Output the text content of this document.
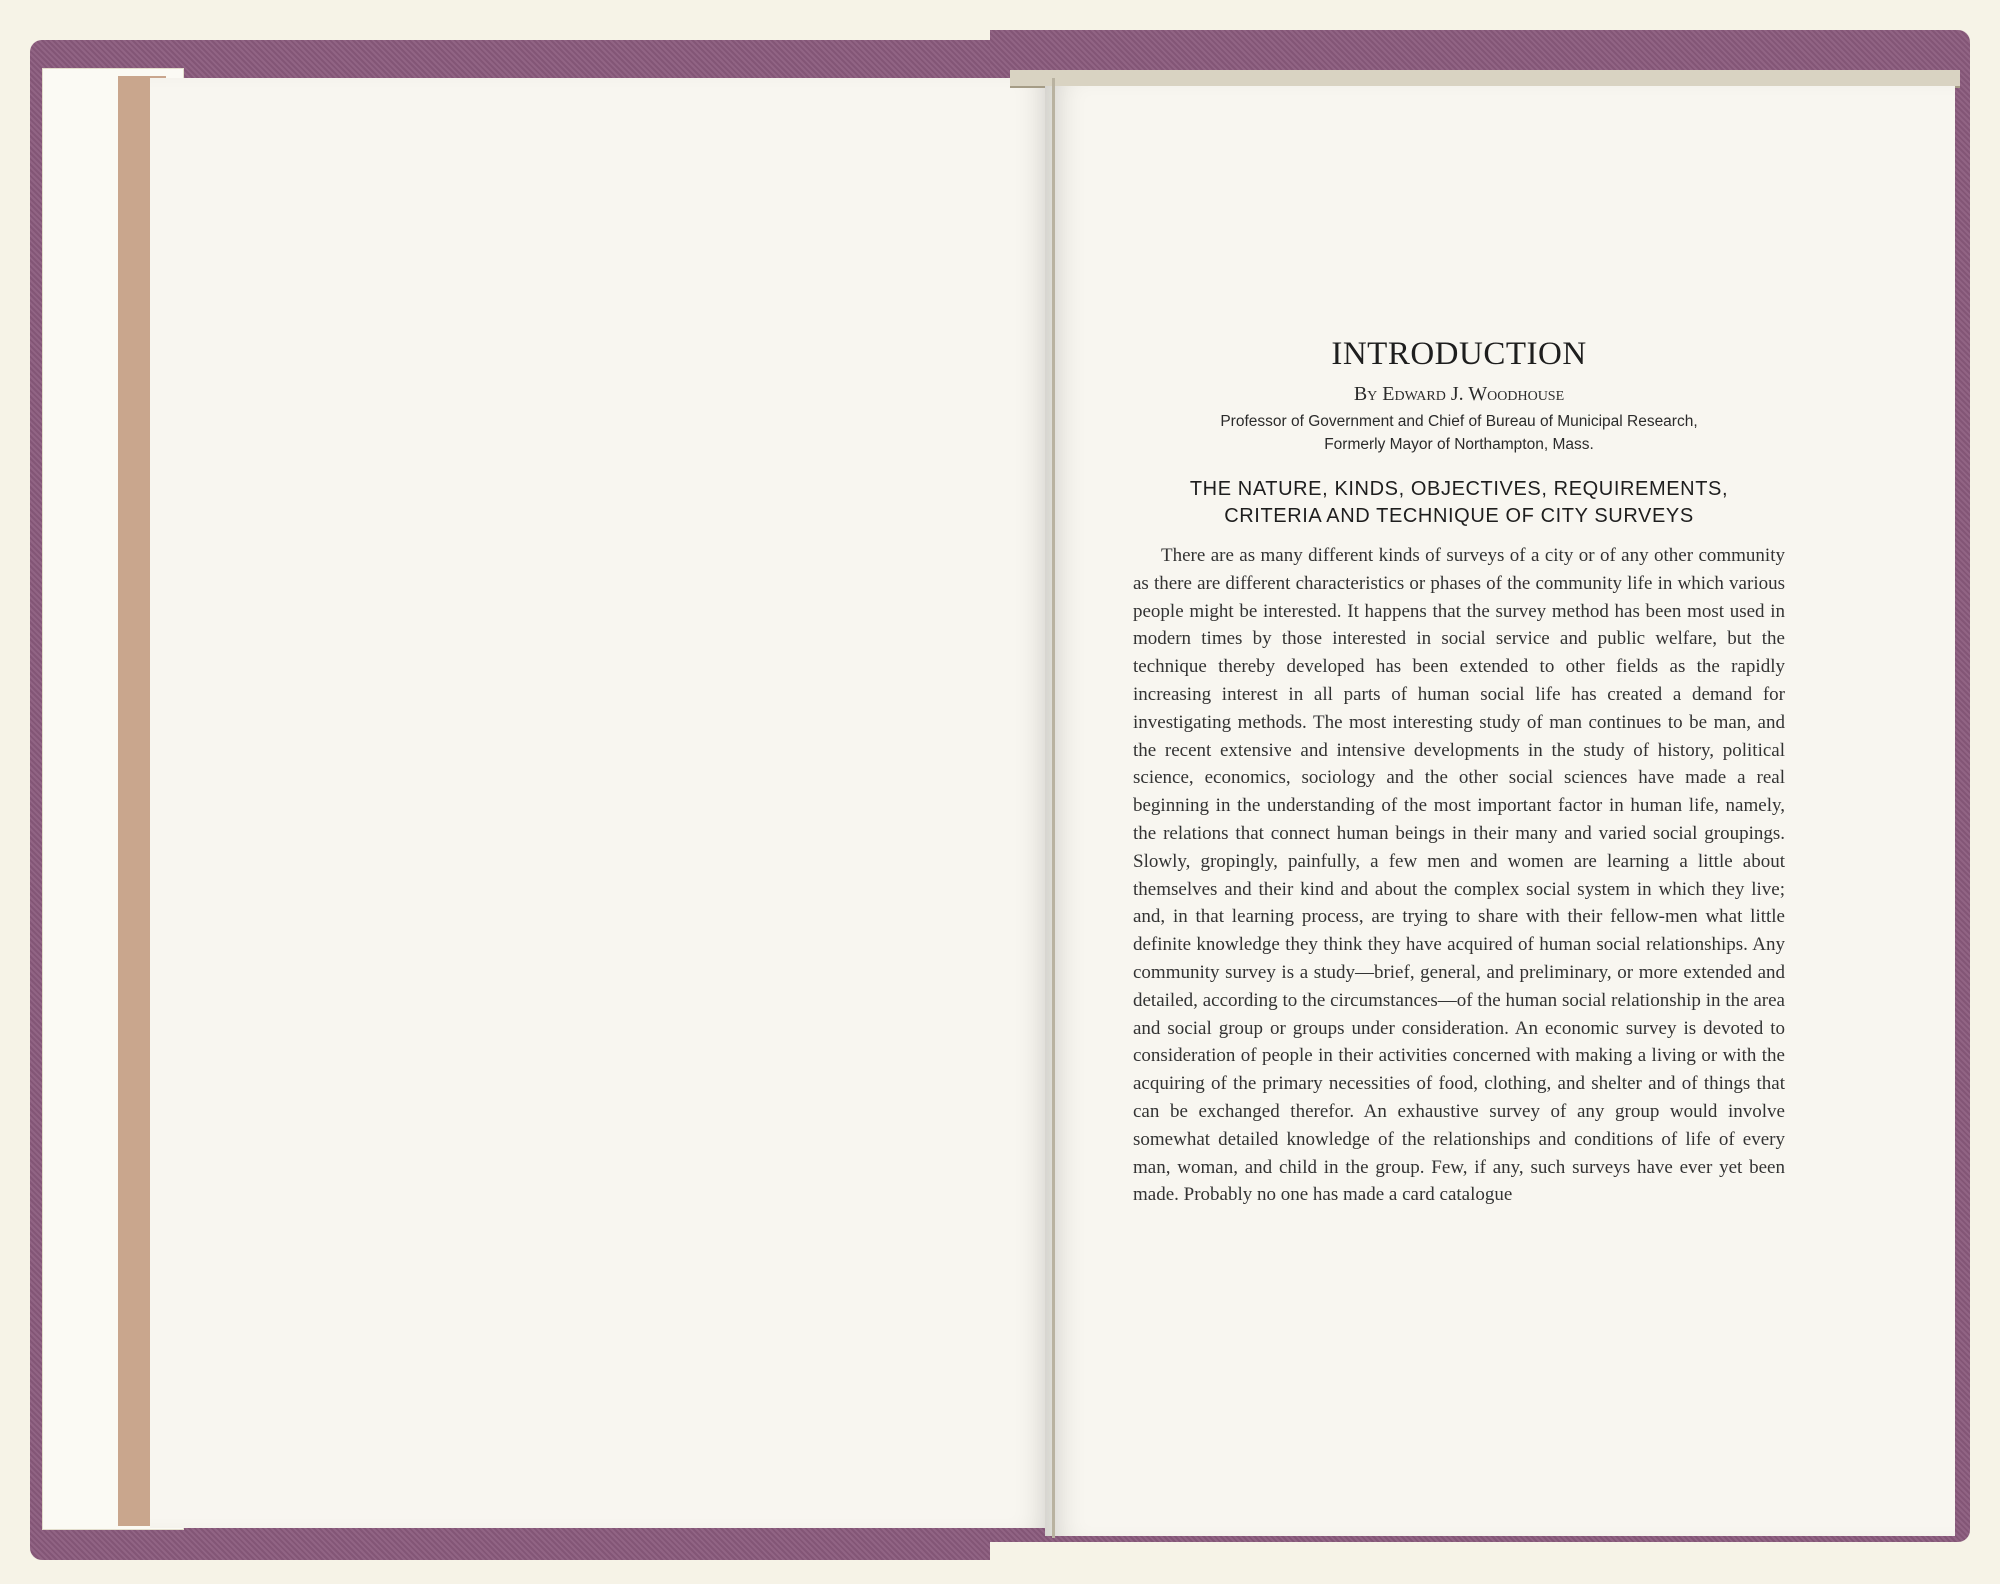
INTRODUCTION
By Edward J. Woodhouse
Professor of Government and Chief of Bureau of Municipal Research,
Formerly Mayor of Northampton, Mass.
THE NATURE, KINDS, OBJECTIVES, REQUIREMENTS,
CRITERIA AND TECHNIQUE OF CITY SURVEYS

There are as many different kinds of surveys of a city or of any other community as there are different characteristics or phases of the community life in which various people might be interested. It happens that the survey method has been most used in modern times by those interested in social service and public welfare, but the technique thereby developed has been extended to other fields as the rapidly increasing interest in all parts of human social life has created a demand for investigating methods. The most interesting study of man continues to be man, and the recent extensive and intensive developments in the study of history, political science, economics, sociology and the other social sciences have made a real beginning in the understanding of the most important factor in human life, namely, the relations that connect human beings in their many and varied social groupings. Slowly, gropingly, painfully, a few men and women are learning a little about themselves and their kind and about the complex social system in which they live; and, in that learning process, are trying to share with their fellow-men what little definite knowledge they think they have acquired of human social relationships. Any community survey is a study—brief, general, and preliminary, or more extended and detailed, according to the circumstances—of the human social relationship in the area and social group or groups under consideration. An economic survey is devoted to consideration of people in their activities concerned with making a living or with the acquiring of the primary necessities of food, clothing, and shelter and of things that can be exchanged therefor. An exhaustive survey of any group would involve somewhat detailed knowledge of the relationships and conditions of life of every man, woman, and child in the group. Few, if any, such surveys have ever yet been made. Probably no one has made a card catalogue
